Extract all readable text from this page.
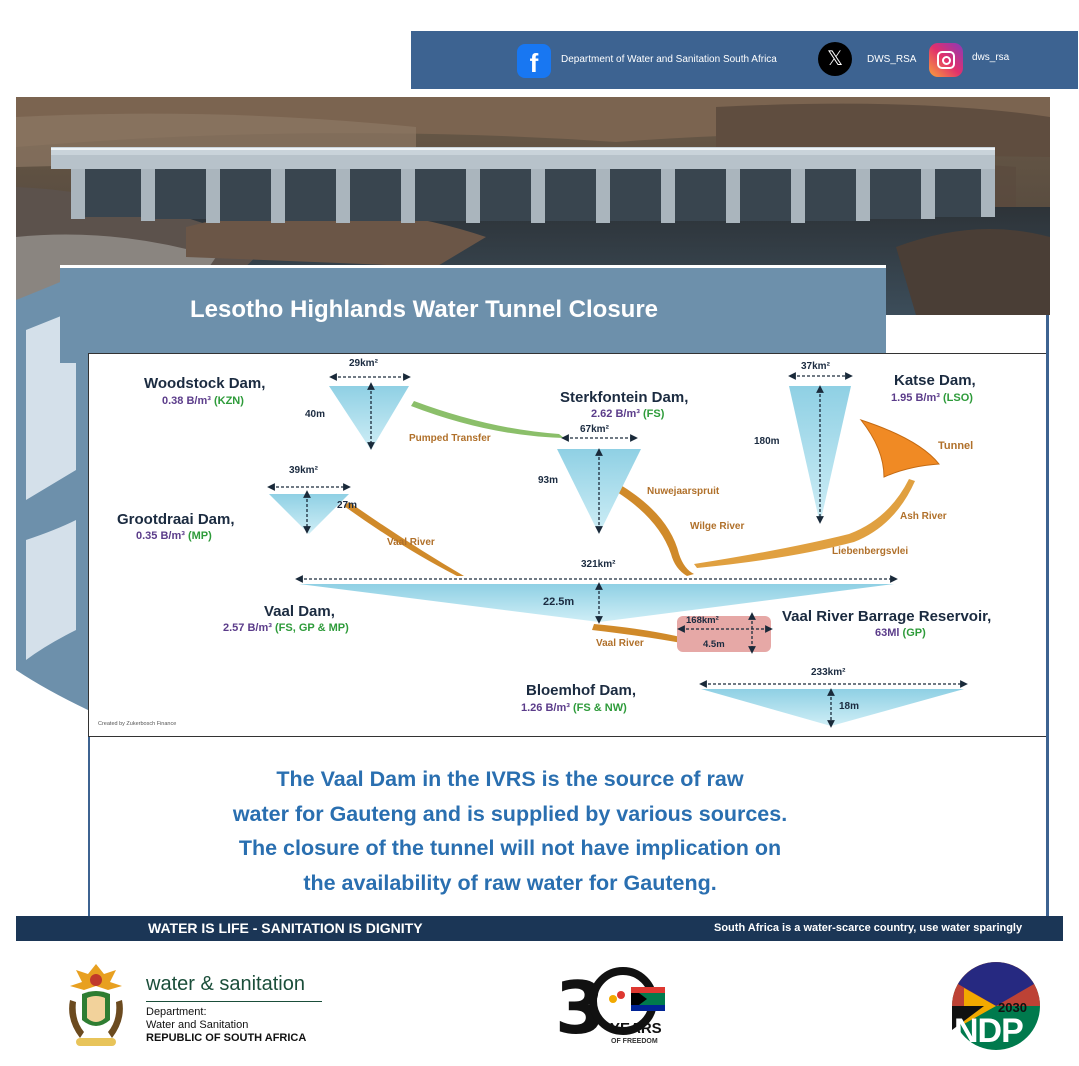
f	Department of Water and Sanitation South Africa	𝕏	DWS_RSA	dws_rsa
Lesotho Highlands Water Tunnel Closure
Woodstock Dam,
0.38 B/m³ (KZN)
29km²
40m
Pumped Transfer
Sterkfontein Dam,
2.62 B/m³ (FS)
67km²
93m
Katse Dam,
1.95 B/m³ (LSO)
37km²
180m	Tunnel
Grootdraai Dam,
0.35 B/m³ (MP)
39km²
27m
Vaal River
Nuwejaarspruit
Wilge River
Ash River
Liebenbergsvlei
321km²
22.5m
Vaal Dam,
2.57 B/m³ (FS, GP & MP)
168km²
4.5m
Vaal River Barrage Reservoir,
63Ml (GP)
Vaal River
233km²
18m
Bloemhof Dam,
1.26 B/m³ (FS & NW)
Created by Zukerbosch Finance
The Vaal Dam in the IVRS is the source of raw
water for Gauteng and is supplied by various sources.
The closure of the tunnel will not have implication on
the availability of raw water for Gauteng.
WATER IS LIFE - SANITATION IS DIGNITY	South Africa is a water-scarce country, use water sparingly
water & sanitation
Department:
Water and Sanitation
REPUBLIC OF SOUTH AFRICA	3 YEARS
OF FREEDOM
2030
NDP
